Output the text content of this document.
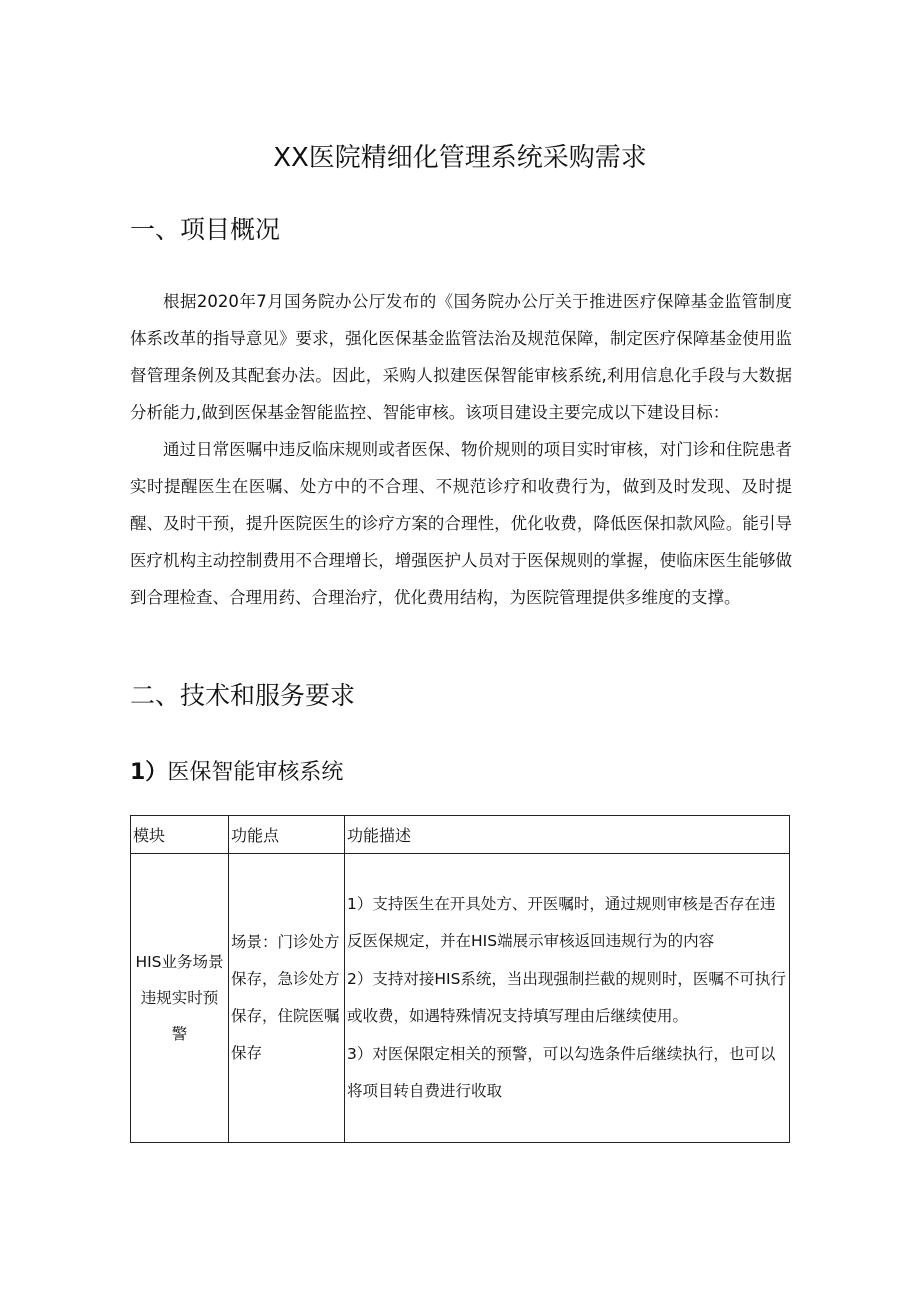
XX医院精细化管理系统采购需求
一、项目概况

根据2020年7月国务院办公厅发布的《国务院办公厅关于推进医疗保障基金监管制度体系改革的指导意见》要求，强化医保基金监管法治及规范保障，制定医疗保障基金使用监督管理条例及其配套办法。因此，采购人拟建医保智能审核系统,利用信息化手段与大数据分析能力,做到医保基金智能监控、智能审核。该项目建设主要完成以下建设目标：

通过日常医嘱中违反临床规则或者医保、物价规则的项目实时审核，对门诊和住院患者实时提醒医生在医嘱、处方中的不合理、不规范诊疗和收费行为，做到及时发现、及时提醒、及时干预，提升医院医生的诊疗方案的合理性，优化收费，降低医保扣款风险。能引导医疗机构主动控制费用不合理增长，增强医护人员对于医保规则的掌握，使临床医生能够做到合理检查、合理用药、合理治疗，优化费用结构，为医院管理提供多维度的支撑。

二、技术和服务要求
1）医保智能审核系统
模块	功能点	功能描述
HIS业务场景违规实时预警	场景：门诊处方保存，急诊处方保存，住院医嘱保存	1）支持医生在开具处方、开医嘱时，通过规则审核是否存在违反医保规定，并在HIS端展示审核返回违规行为的内容
2）支持对接HIS系统，当出现强制拦截的规则时，医嘱不可执行或收费，如遇特殊情况支持填写理由后继续使用。
3）对医保限定相关的预警，可以勾选条件后继续执行，也可以将项目转自费进行收取
